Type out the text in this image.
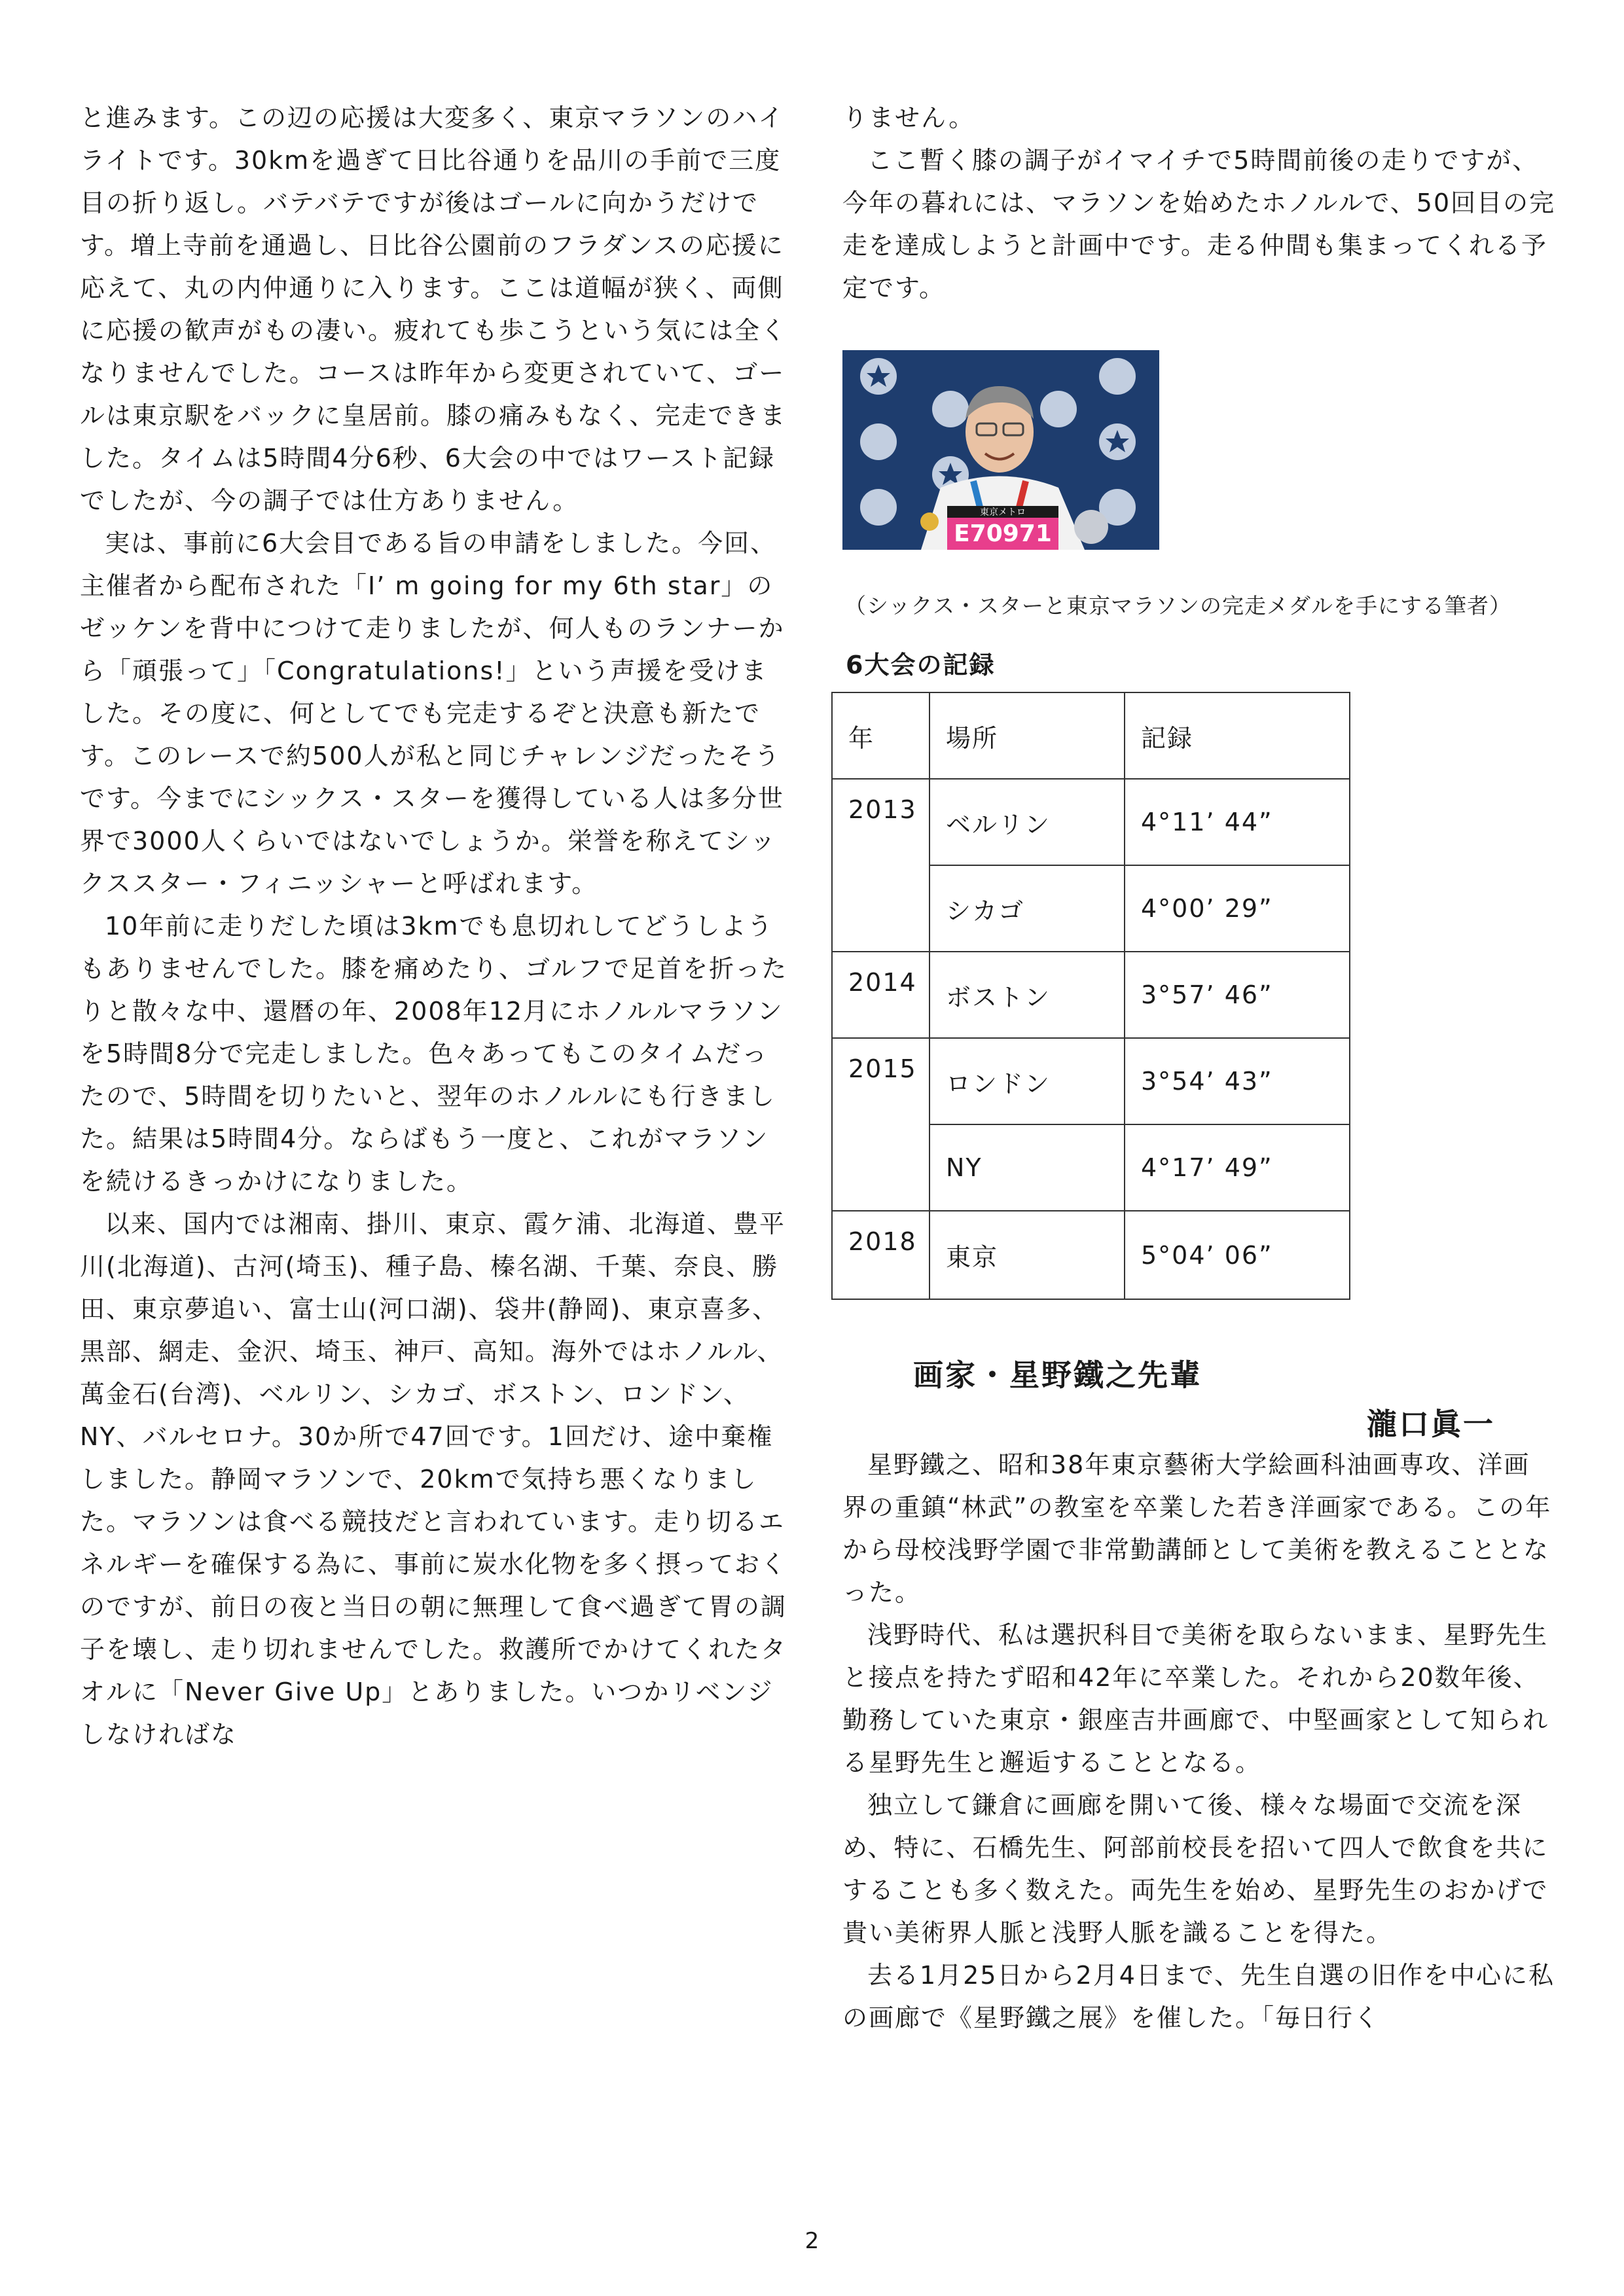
と進みます。この辺の応援は大変多く、東京マラソンのハイライトです。30kmを過ぎて日比谷通りを品川の手前で三度目の折り返し。バテバテですが後はゴールに向かうだけです。増上寺前を通過し、日比谷公園前のフラダンスの応援に応えて、丸の内仲通りに入ります。ここは道幅が狭く、両側に応援の歓声がもの凄い。疲れても歩こうという気には全くなりませんでした。コースは昨年から変更されていて、ゴールは東京駅をバックに皇居前。膝の痛みもなく、完走できました。タイムは5時間4分6秒、6大会の中ではワースト記録でしたが、今の調子では仕方ありません。

実は、事前に6大会目である旨の申請をしました。今回、主催者から配布された「I’ m going for my 6th star」のゼッケンを背中につけて走りましたが、何人ものランナーから「頑張って」「Congratulations!」という声援を受けました。その度に、何としてでも完走するぞと決意も新たです。このレースで約500人が私と同じチャレンジだったそうです。今までにシックス・スターを獲得している人は多分世界で3000人くらいではないでしょうか。栄誉を称えてシックススター・フィニッシャーと呼ばれます。

10年前に走りだした頃は3kmでも息切れしてどうしようもありませんでした。膝を痛めたり、ゴルフで足首を折ったりと散々な中、還暦の年、2008年12月にホノルルマラソンを5時間8分で完走しました。色々あってもこのタイムだったので、5時間を切りたいと、翌年のホノルルにも行きました。結果は5時間4分。ならばもう一度と、これがマラソンを続けるきっかけになりました。

以来、国内では湘南、掛川、東京、霞ケ浦、北海道、豊平川(北海道)、古河(埼玉)、種子島、榛名湖、千葉、奈良、勝田、東京夢追い、富士山(河口湖)、袋井(静岡)、東京喜多、黒部、網走、金沢、埼玉、神戸、高知。海外ではホノルル、萬金石(台湾)、ベルリン、シカゴ、ボストン、ロンドン、NY、バルセロナ。30か所で47回です。1回だけ、途中棄権しました。静岡マラソンで、20kmで気持ち悪くなりました。マラソンは食べる競技だと言われています。走り切るエネルギーを確保する為に、事前に炭水化物を多く摂っておくのですが、前日の夜と当日の朝に無理して食べ過ぎて胃の調子を壊し、走り切れませんでした。救護所でかけてくれたタオルに「Never Give Up」とありました。いつかリベンジしなければな

りません。

ここ暫く膝の調子がイマイチで5時間前後の走りですが、今年の暮れには、マラソンを始めたホノルルで、50回目の完走を達成しようと計画中です。走る仲間も集まってくれる予定です。

東京メトロ
E70971
（シックス・スターと東京マラソンの完走メダルを手にする筆者）
6大会の記録
年	場所	記録
2013	ベルリン	4°11’ 44”
	シカゴ	4°00’ 29”
2014	ボストン	3°57’ 46”
2015	ロンドン	3°54’ 43”
	NY	4°17’ 49”
2018	東京	5°04’ 06”
画家・星野鐵之先輩
瀧口眞一

星野鐵之、昭和38年東京藝術大学絵画科油画専攻、洋画界の重鎮“林武”の教室を卒業した若き洋画家である。この年から母校浅野学園で非常勤講師として美術を教えることとなった。

浅野時代、私は選択科目で美術を取らないまま、星野先生と接点を持たず昭和42年に卒業した。それから20数年後、勤務していた東京・銀座吉井画廊で、中堅画家として知られる星野先生と邂逅することとなる。

独立して鎌倉に画廊を開いて後、様々な場面で交流を深め、特に、石橋先生、阿部前校長を招いて四人で飲食を共にすることも多く数えた。両先生を始め、星野先生のおかげで貴い美術界人脈と浅野人脈を識ることを得た。

去る1月25日から2月4日まで、先生自選の旧作を中心に私の画廊で《星野鐵之展》を催した。「毎日行く

2
